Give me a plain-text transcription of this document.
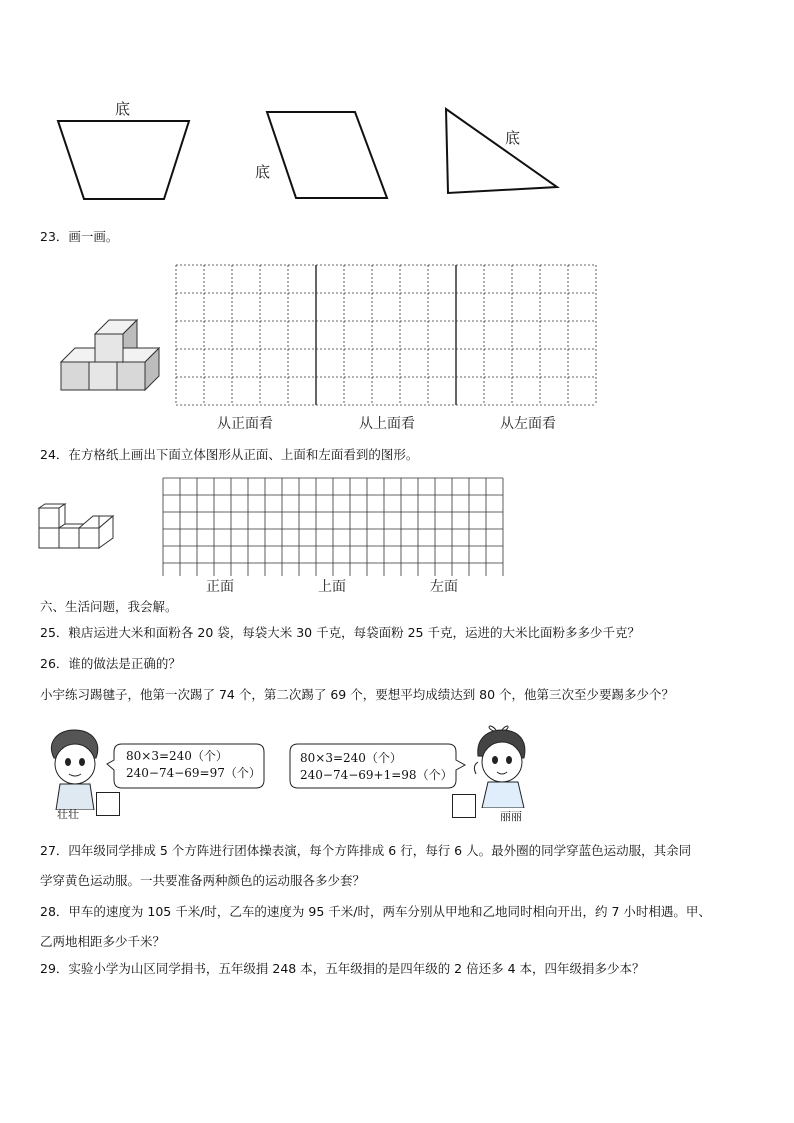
底
底
底
23．画一画。
从正面看	从上面看	从左面看
24．在方格纸上画出下面立体图形从正面、上面和左面看到的图形。
正面	上面	左面
六、生活问题，我会解。
25．粮店运进大米和面粉各 20 袋，每袋大米 30 千克，每袋面粉 25 千克，运进的大米比面粉多多少千克？
26．谁的做法是正确的？
小宇练习踢毽子，他第一次踢了 74 个，第二次踢了 69 个，要想平均成绩达到 80 个，他第三次至少要踢多少个？
壮壮
80×3=240（个）
240−74−69=97（个）
80×3=240（个）
240−74−69+1=98（个）
丽丽
27．四年级同学排成 5 个方阵进行团体操表演，每个方阵排成 6 行，每行 6 人。最外圈的同学穿蓝色运动服，其余同
学穿黄色运动服。一共要准备两种颜色的运动服各多少套？
28．甲车的速度为 105 千米/时，乙车的速度为 95 千米/时，两车分别从甲地和乙地同时相向开出，约 7 小时相遇。甲、
乙两地相距多少千米？
29．实验小学为山区同学捐书，五年级捐 248 本，五年级捐的是四年级的 2 倍还多 4 本，四年级捐多少本？
